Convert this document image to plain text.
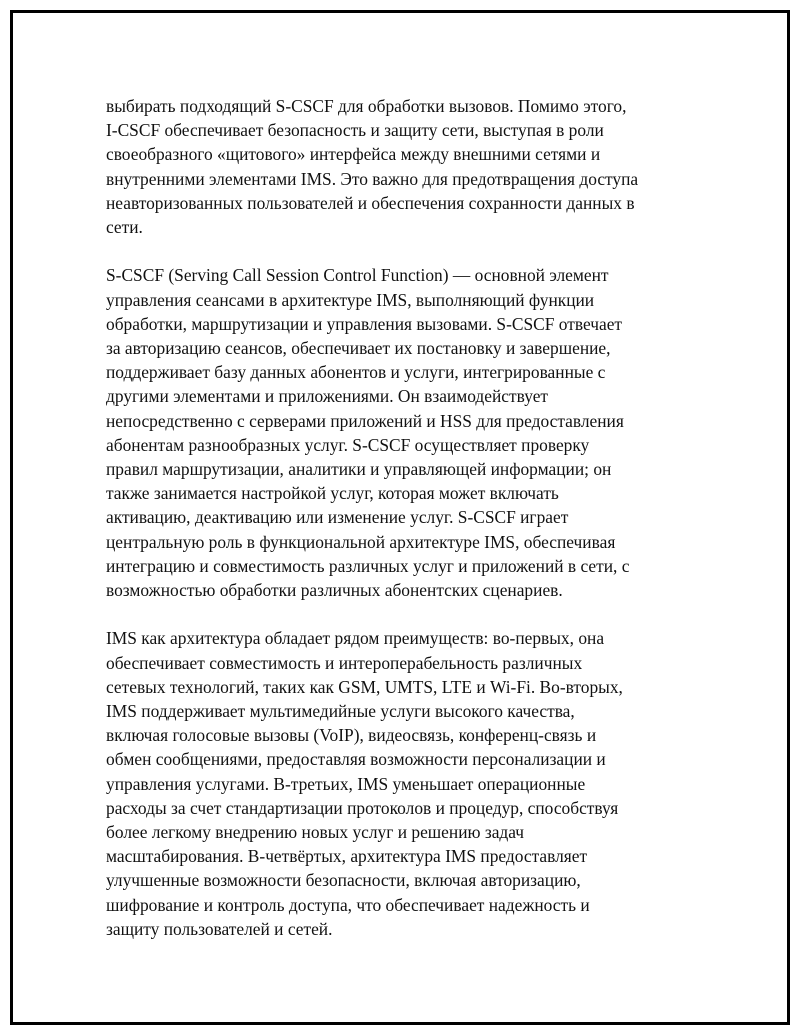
выбирать подходящий S-CSCF для обработки вызовов. Помимо этого,
I-CSCF обеспечивает безопасность и защиту сети, выступая в роли
своеобразного «щитового» интерфейса между внешними сетями и
внутренними элементами IMS. Это важно для предотвращения доступа
неавторизованных пользователей и обеспечения сохранности данных в
сети.

S-CSCF (Serving Call Session Control Function) — основной элемент
управления сеансами в архитектуре IMS, выполняющий функции
обработки, маршрутизации и управления вызовами. S-CSCF отвечает
за авторизацию сеансов, обеспечивает их постановку и завершение,
поддерживает базу данных абонентов и услуги, интегрированные с
другими элементами и приложениями. Он взаимодействует
непосредственно с серверами приложений и HSS для предоставления
абонентам разнообразных услуг. S-CSCF осуществляет проверку
правил маршрутизации, аналитики и управляющей информации; он
также занимается настройкой услуг, которая может включать
активацию, деактивацию или изменение услуг. S-CSCF играет
центральную роль в функциональной архитектуре IMS, обеспечивая
интеграцию и совместимость различных услуг и приложений в сети, с
возможностью обработки различных абонентских сценариев.

IMS как архитектура обладает рядом преимуществ: во-первых, она
обеспечивает совместимость и интероперабельность различных
сетевых технологий, таких как GSM, UMTS, LTE и Wi-Fi. Во-вторых,
IMS поддерживает мультимедийные услуги высокого качества,
включая голосовые вызовы (VoIP), видеосвязь, конференц-связь и
обмен сообщениями, предоставляя возможности персонализации и
управления услугами. В-третьих, IMS уменьшает операционные
расходы за счет стандартизации протоколов и процедур, способствуя
более легкому внедрению новых услуг и решению задач
масштабирования. В-четвёртых, архитектура IMS предоставляет
улучшенные возможности безопасности, включая авторизацию,
шифрование и контроль доступа, что обеспечивает надежность и
защиту пользователей и сетей.
